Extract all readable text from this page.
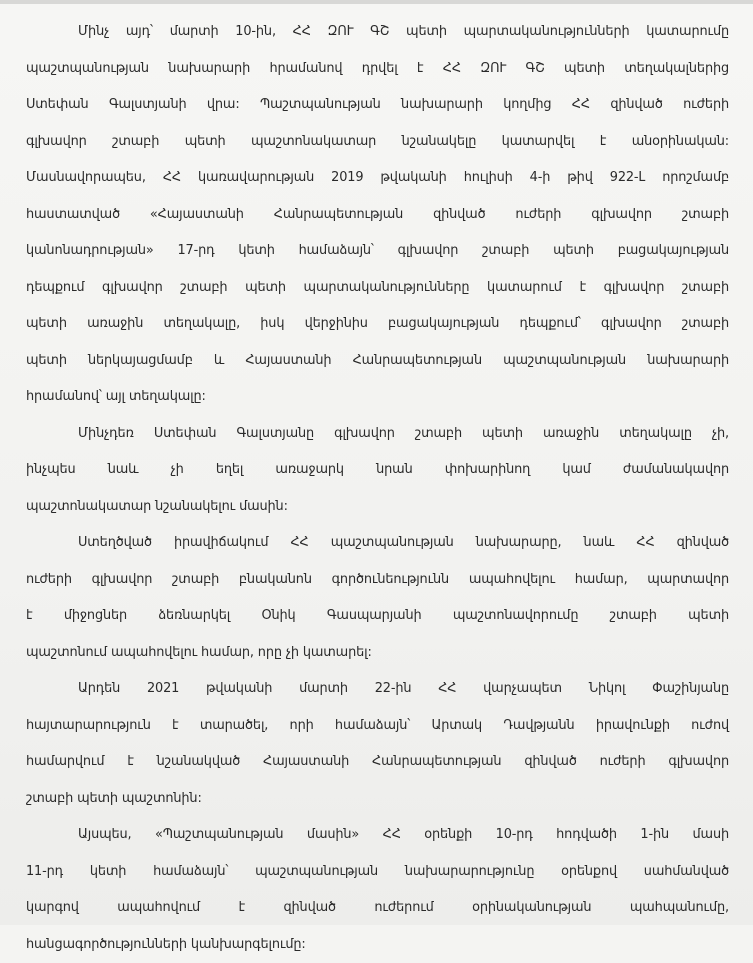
Մինչ այդ՝ մարտի 10-ին, ՀՀ ԶՈՒ ԳՇ պետի պարտականությունների կատարումը
պաշտպանության նախարարի հրամանով դրվել է ՀՀ ԶՈՒ ԳՇ պետի տեղակալներից
Ստեփան Գալստյանի վրա: Պաշտպանության նախարարի կողմից ՀՀ զինված ուժերի
գլխավոր շտաբի պետի պաշտոնակատար նշանակելը կատարվել է անօրինական:
Մասնավորապես, ՀՀ կառավարության 2019 թվականի հուլիսի 4-ի թիվ 922-Լ որոշմամբ
հաստատված «Հայաստանի Հանրապետության զինված ուժերի գլխավոր շտաբի
կանոնադրության» 17-րդ կետի համաձայն՝ գլխավոր շտաբի պետի բացակայության
դեպքում գլխավոր շտաբի պետի պարտականությունները կատարում է գլխավոր շտաբի
պետի առաջին տեղակալը, իսկ վերջինիս բացակայության դեպքում՝ գլխավոր շտաբի
պետի ներկայացմամբ և Հայաստանի Հանրապետության պաշտպանության նախարարի
հրամանով՝ այլ տեղակալը:
Մինչդեռ Ստեփան Գալստյանը գլխավոր շտաբի պետի առաջին տեղակալը չի,
ինչպես նաև չի եղել առաջարկ նրան փոխարինող կամ ժամանակավոր
պաշտոնակատար նշանակելու մասին:
Ստեղծված իրավիճակում ՀՀ պաշտպանության նախարարը, նաև ՀՀ զինված
ուժերի գլխավոր շտաբի բնականոն գործունեությունն ապահովելու համար, պարտավոր
է միջոցներ ձեռնարկել Օնիկ Գասպարյանի պաշտոնավորումը շտաբի պետի
պաշտոնում ապահովելու համար, որը չի կատարել:
Արդեն 2021 թվականի մարտի 22-ին ՀՀ վարչապետ Նիկոլ Փաշինյանը
հայտարարություն է տարածել, որի համաձայն՝ Արտակ Դավթյանն իրավունքի ուժով
համարվում է նշանակված Հայաստանի Հանրապետության զինված ուժերի գլխավոր
շտաբի պետի պաշտոնին:
Այսպես, «Պաշտպանության մասին» ՀՀ օրենքի 10-րդ հոդվածի 1-ին մասի
11-րդ կետի համաձայն՝ պաշտպանության նախարարությունը օրենքով սահմանված
կարգով ապահովում է զինված ուժերում օրինականության պահպանումը,
հանցագործությունների կանխարգելումը:
